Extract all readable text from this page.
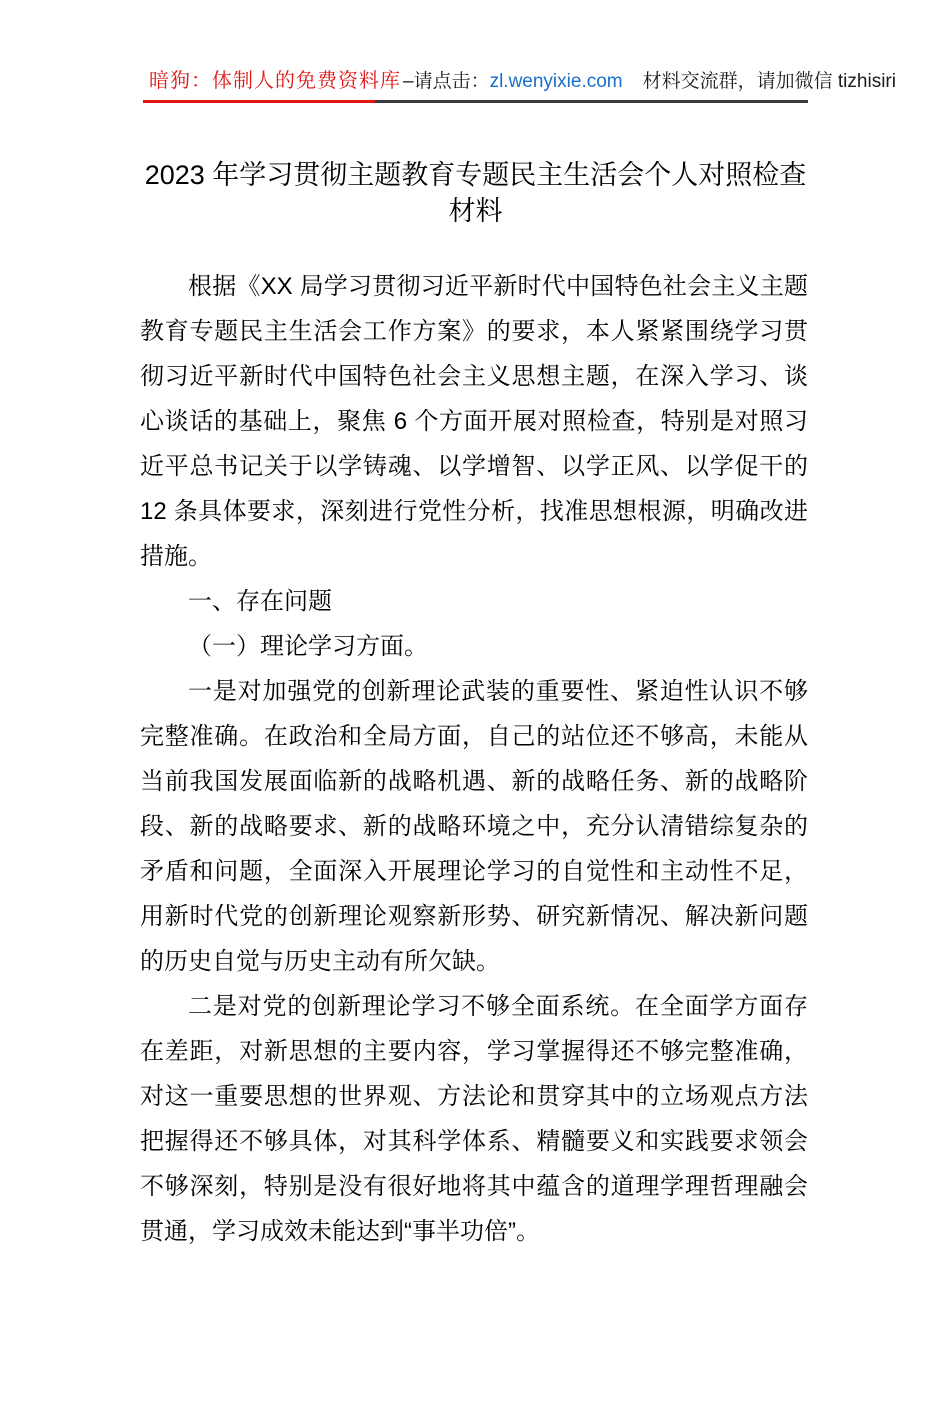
暗狗：体制人的免费资料库 –请点击： zl.wenyixie.com 材料交流群，请加微信 tizhisiri
2023 年学习贯彻主题教育专题民主生活会个人对照检查材料

根据《XX 局学习贯彻习近平新时代中国特色社会主义主题教育专题民主生活会工作方案》的要求，本人紧紧围绕学习贯彻习近平新时代中国特色社会主义思想主题，在深入学习、谈心谈话的基础上，聚焦 6 个方面开展对照检查，特别是对照习近平总书记关于以学铸魂、以学增智、以学正风、以学促干的 12 条具体要求，深刻进行党性分析，找准思想根源，明确改进措施。

一、存在问题

（一）理论学习方面。

一是对加强党的创新理论武装的重要性、紧迫性认识不够完整准确。在政治和全局方面，自己的站位还不够高，未能从当前我国发展面临新的战略机遇、新的战略任务、新的战略阶段、新的战略要求、新的战略环境之中，充分认清错综复杂的矛盾和问题，全面深入开展理论学习的自觉性和主动性不足，用新时代党的创新理论观察新形势、研究新情况、解决新问题的历史自觉与历史主动有所欠缺。

二是对党的创新理论学习不够全面系统。在全面学方面存在差距，对新思想的主要内容，学习掌握得还不够完整准确，对这一重要思想的世界观、方法论和贯穿其中的立场观点方法把握得还不够具体，对其科学体系、精髓要义和实践要求领会不够深刻，特别是没有很好地将其中蕴含的道理学理哲理融会贯通，学习成效未能达到“事半功倍”。
